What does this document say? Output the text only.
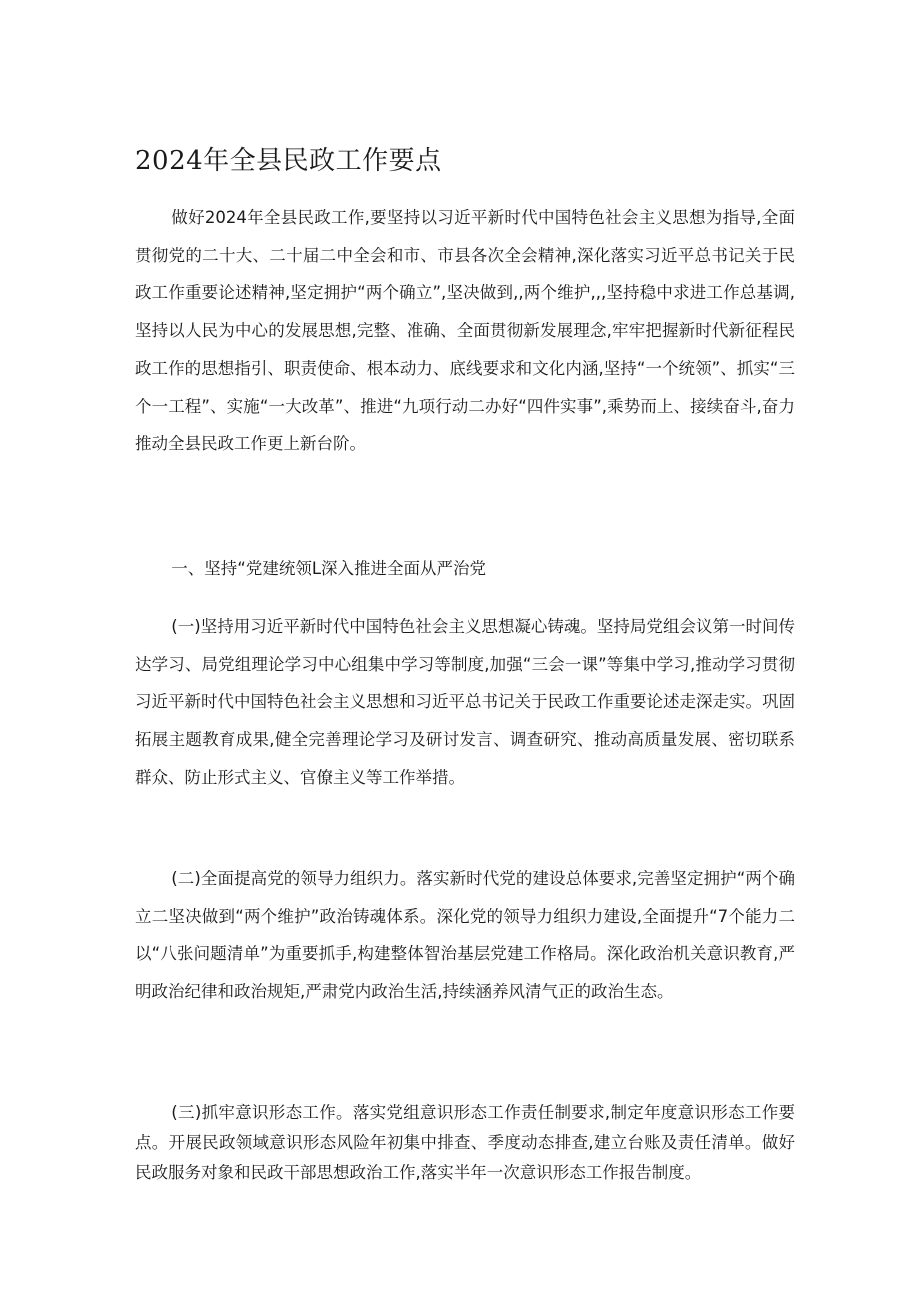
2024年全县民政工作要点

做好2024年全县民政工作,要坚持以习近平新时代中国特色社会主义思想为指导,全面贯彻党的二十大、二十届二中全会和市、市县各次全会精神,深化落实习近平总书记关于民政工作重要论述精神,坚定拥护“两个确立”,坚决做到,,两个维护,,,坚持稳中求进工作总基调,坚持以人民为中心的发展思想,完整、准确、全面贯彻新发展理念,牢牢把握新时代新征程民政工作的思想指引、职责使命、根本动力、底线要求和文化内涵,坚持“一个统领”、抓实“三个一工程”、实施“一大改革”、推进“九项行动二办好“四件实事”,乘势而上、接续奋斗,奋力推动全县民政工作更上新台阶。

一、坚持“党建统领L深入推进全面从严治党

(一)坚持用习近平新时代中国特色社会主义思想凝心铸魂。坚持局党组会议第一时间传达学习、局党组理论学习中心组集中学习等制度,加强“三会一课”等集中学习,推动学习贯彻习近平新时代中国特色社会主义思想和习近平总书记关于民政工作重要论述走深走实。巩固拓展主题教育成果,健全完善理论学习及研讨发言、调查研究、推动高质量发展、密切联系群众、防止形式主义、官僚主义等工作举措。

(二)全面提高党的领导力组织力。落实新时代党的建设总体要求,完善坚定拥护“两个确立二坚决做到“两个维护”政治铸魂体系。深化党的领导力组织力建设,全面提升“7个能力二以“八张问题清单”为重要抓手,构建整体智治基层党建工作格局。深化政治机关意识教育,严明政治纪律和政治规矩,严肃党内政治生活,持续涵养风清气正的政治生态。

(三)抓牢意识形态工作。落实党组意识形态工作责任制要求,制定年度意识形态工作要点。开展民政领域意识形态风险年初集中排查、季度动态排查,建立台账及责任清单。做好民政服务对象和民政干部思想政治工作,落实半年一次意识形态工作报告制度。
